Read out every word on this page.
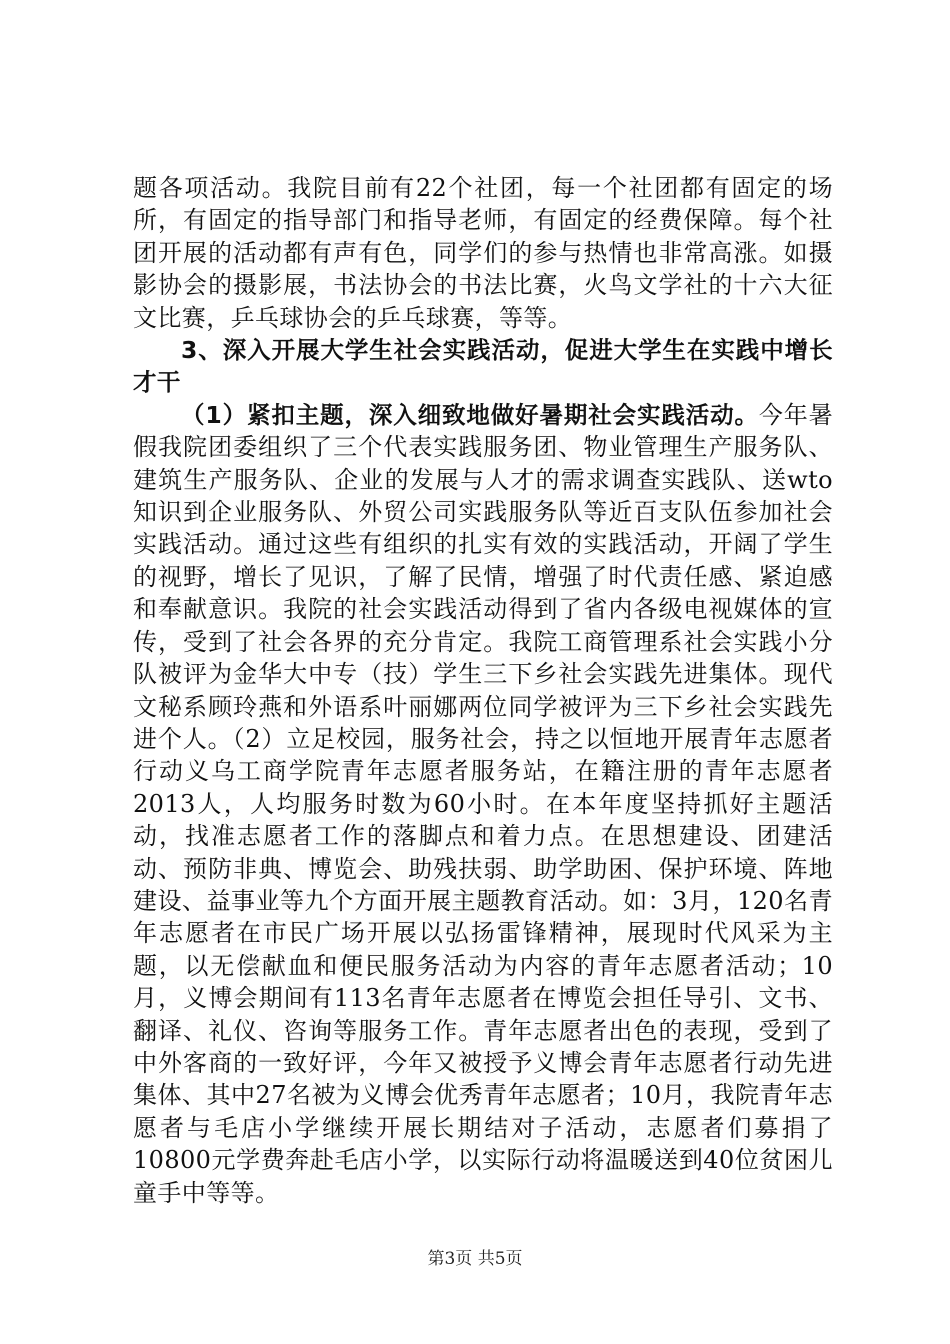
题各项活动。我院目前有22个社团，每一个社团都有固定的场所，有固定的指导部门和指导老师，有固定的经费保障。每个社团开展的活动都有声有色，同学们的参与热情也非常高涨。如摄影协会的摄影展，书法协会的书法比赛，火鸟文学社的十六大征文比赛，乒乓球协会的乒乓球赛，等等。

3、深入开展大学生社会实践活动，促进大学生在实践中增长才干

（1）紧扣主题，深入细致地做好暑期社会实践活动。今年暑假我院团委组织了三个代表实践服务团、物业管理生产服务队、建筑生产服务队、企业的发展与人才的需求调查实践队、送wto知识到企业服务队、外贸公司实践服务队等近百支队伍参加社会实践活动。通过这些有组织的扎实有效的实践活动，开阔了学生的视野，增长了见识，了解了民情，增强了时代责任感、紧迫感和奉献意识。我院的社会实践活动得到了省内各级电视媒体的宣传，受到了社会各界的充分肯定。我院工商管理系社会实践小分队被评为金华大中专（技）学生三下乡社会实践先进集体。现代文秘系顾玲燕和外语系叶丽娜两位同学被评为三下乡社会实践先进个人。（2）立足校园，服务社会，持之以恒地开展青年志愿者行动义乌工商学院青年志愿者服务站，在籍注册的青年志愿者2013人，人均服务时数为60小时。在本年度坚持抓好主题活动，找准志愿者工作的落脚点和着力点。在思想建设、团建活动、预防非典、博览会、助残扶弱、助学助困、保护环境、阵地建设、益事业等九个方面开展主题教育活动。如：3月，120名青年志愿者在市民广场开展以弘扬雷锋精神，展现时代风采为主题，以无偿献血和便民服务活动为内容的青年志愿者活动；10月，义博会期间有113名青年志愿者在博览会担任导引、文书、翻译、礼仪、咨询等服务工作。青年志愿者出色的表现，受到了中外客商的一致好评，今年又被授予义博会青年志愿者行动先进集体、其中27名被为义博会优秀青年志愿者；10月，我院青年志愿者与毛店小学继续开展长期结对子活动，志愿者们募捐了10800元学费奔赴毛店小学，以实际行动将温暖送到40位贫困儿童手中等等。

第3页 共5页
